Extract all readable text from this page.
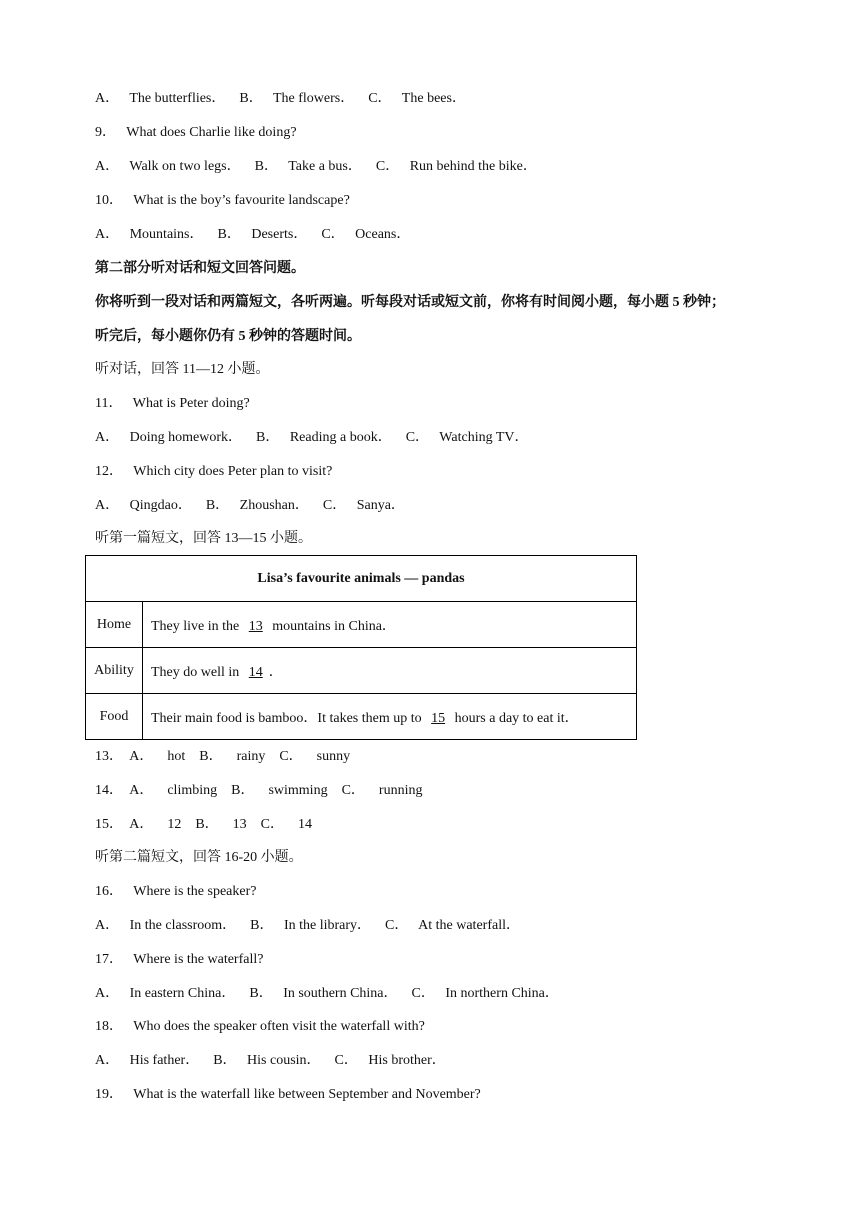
A．   The butterflies．    B．   The flowers．    C．   The bees．
9．   What does Charlie like doing?
A．   Walk on two legs．    B．   Take a bus．    C．   Run behind the bike．
10．   What is the boy’s favourite landscape?
A．   Mountains．    B．   Deserts．    C．   Oceans．
第二部分听对话和短文回答问题。
你将听到一段对话和两篇短文，各听两遍。听每段对话或短文前，你将有时间阅小题，每小题 5 秒钟；
听完后，每小题你仍有 5 秒钟的答题时间。
听对话，回答 11—12 小题。
11．   What is Peter doing?
A．   Doing homework．    B．   Reading a book．    C．   Watching TV．
12．   Which city does Peter plan to visit?
A．   Qingdao．    B．   Zhoushan．    C．   Sanya．
听第一篇短文，回答 13—15 小题。
Lisa’s favourite animals — pandas	
Home	They live in the 13 mountains in China．
Ability	They do well in 14 ．
Food	Their main food is bamboo．It takes them up to 15 hours a day to eat it．
13．  A．    hot    B．    rainy    C．    sunny
14．  A．    climbing    B．    swimming    C．    running
15．  A．    12    B．    13    C．    14
听第二篇短文，回答 16-20 小题。
16．   Where is the speaker?
A．   In the classroom．    B．   In the library．    C．   At the waterfall．
17．   Where is the waterfall?
A．   In eastern China．    B．   In southern China．    C．   In northern China．
18．   Who does the speaker often visit the waterfall with?
A．   His father．    B．   His cousin．    C．   His brother．
19．   What is the waterfall like between September and November?
